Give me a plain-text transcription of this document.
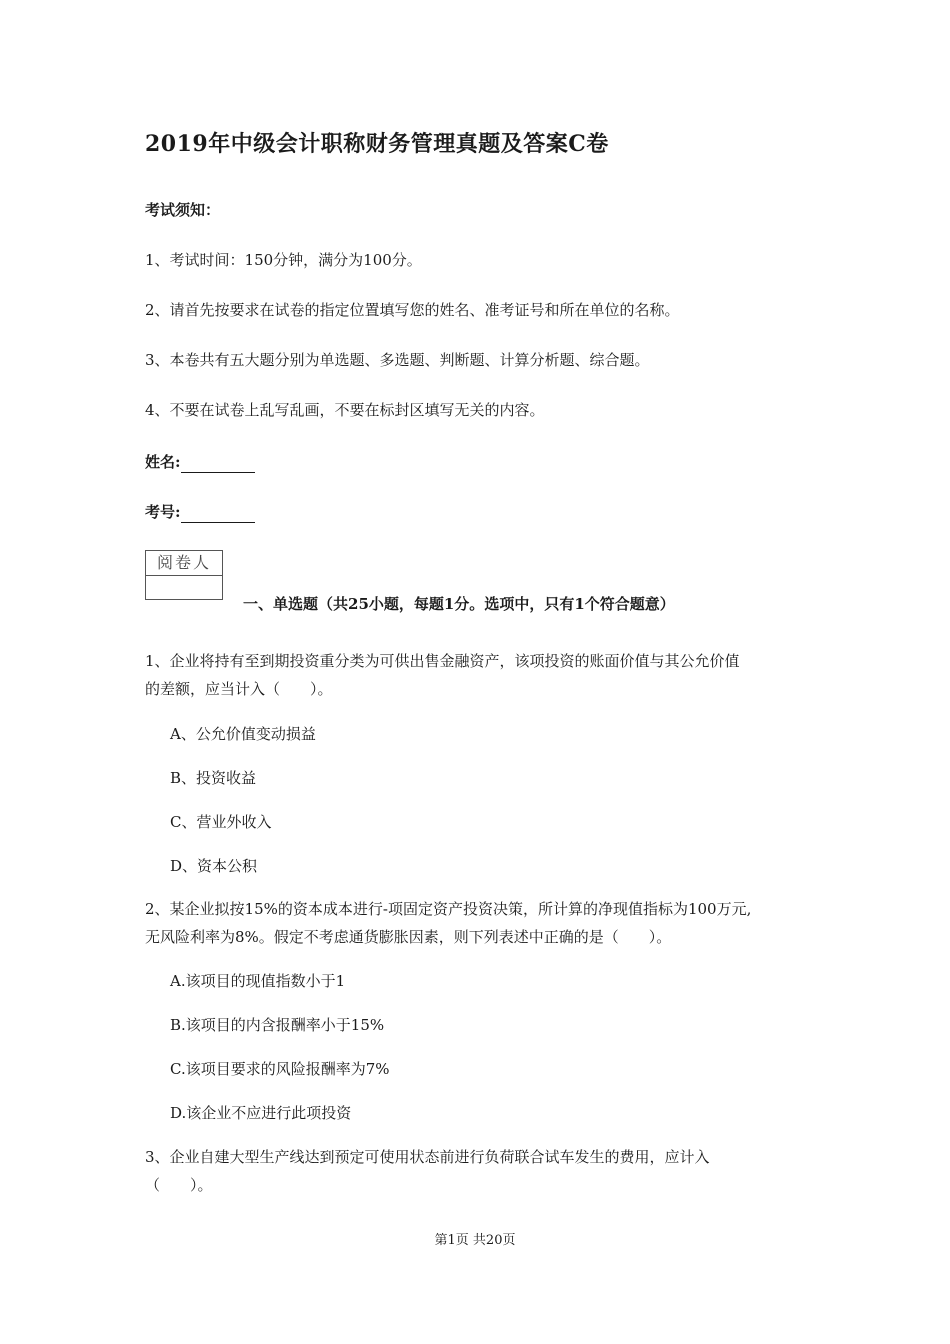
2019年中级会计职称财务管理真题及答案C卷
考试须知：
1、考试时间：150分钟，满分为100分。
2、请首先按要求在试卷的指定位置填写您的姓名、准考证号和所在单位的名称。
3、本卷共有五大题分别为单选题、多选题、判断题、计算分析题、综合题。
4、不要在试卷上乱写乱画，不要在标封区填写无关的内容。
姓名:
考号:
阅卷人
一、单选题（共25小题，每题1分。选项中，只有1个符合题意）
1、企业将持有至到期投资重分类为可供出售金融资产，该项投资的账面价值与其公允价值
的差额，应当计入（　　）。
A、公允价值变动损益
B、投资收益
C、营业外收入
D、资本公积
2、某企业拟按15%的资本成本进行-项固定资产投资决策，所计算的净现值指标为100万元,
无风险利率为8%。假定不考虑通货膨胀因素，则下列表述中正确的是（　　）。
A.该项目的现值指数小于1
B.该项目的内含报酬率小于15%
C.该项目要求的风险报酬率为7%
D.该企业不应进行此项投资
3、企业自建大型生产线达到预定可使用状态前进行负荷联合试车发生的费用，应计入
（　　）。
第1页 共20页
